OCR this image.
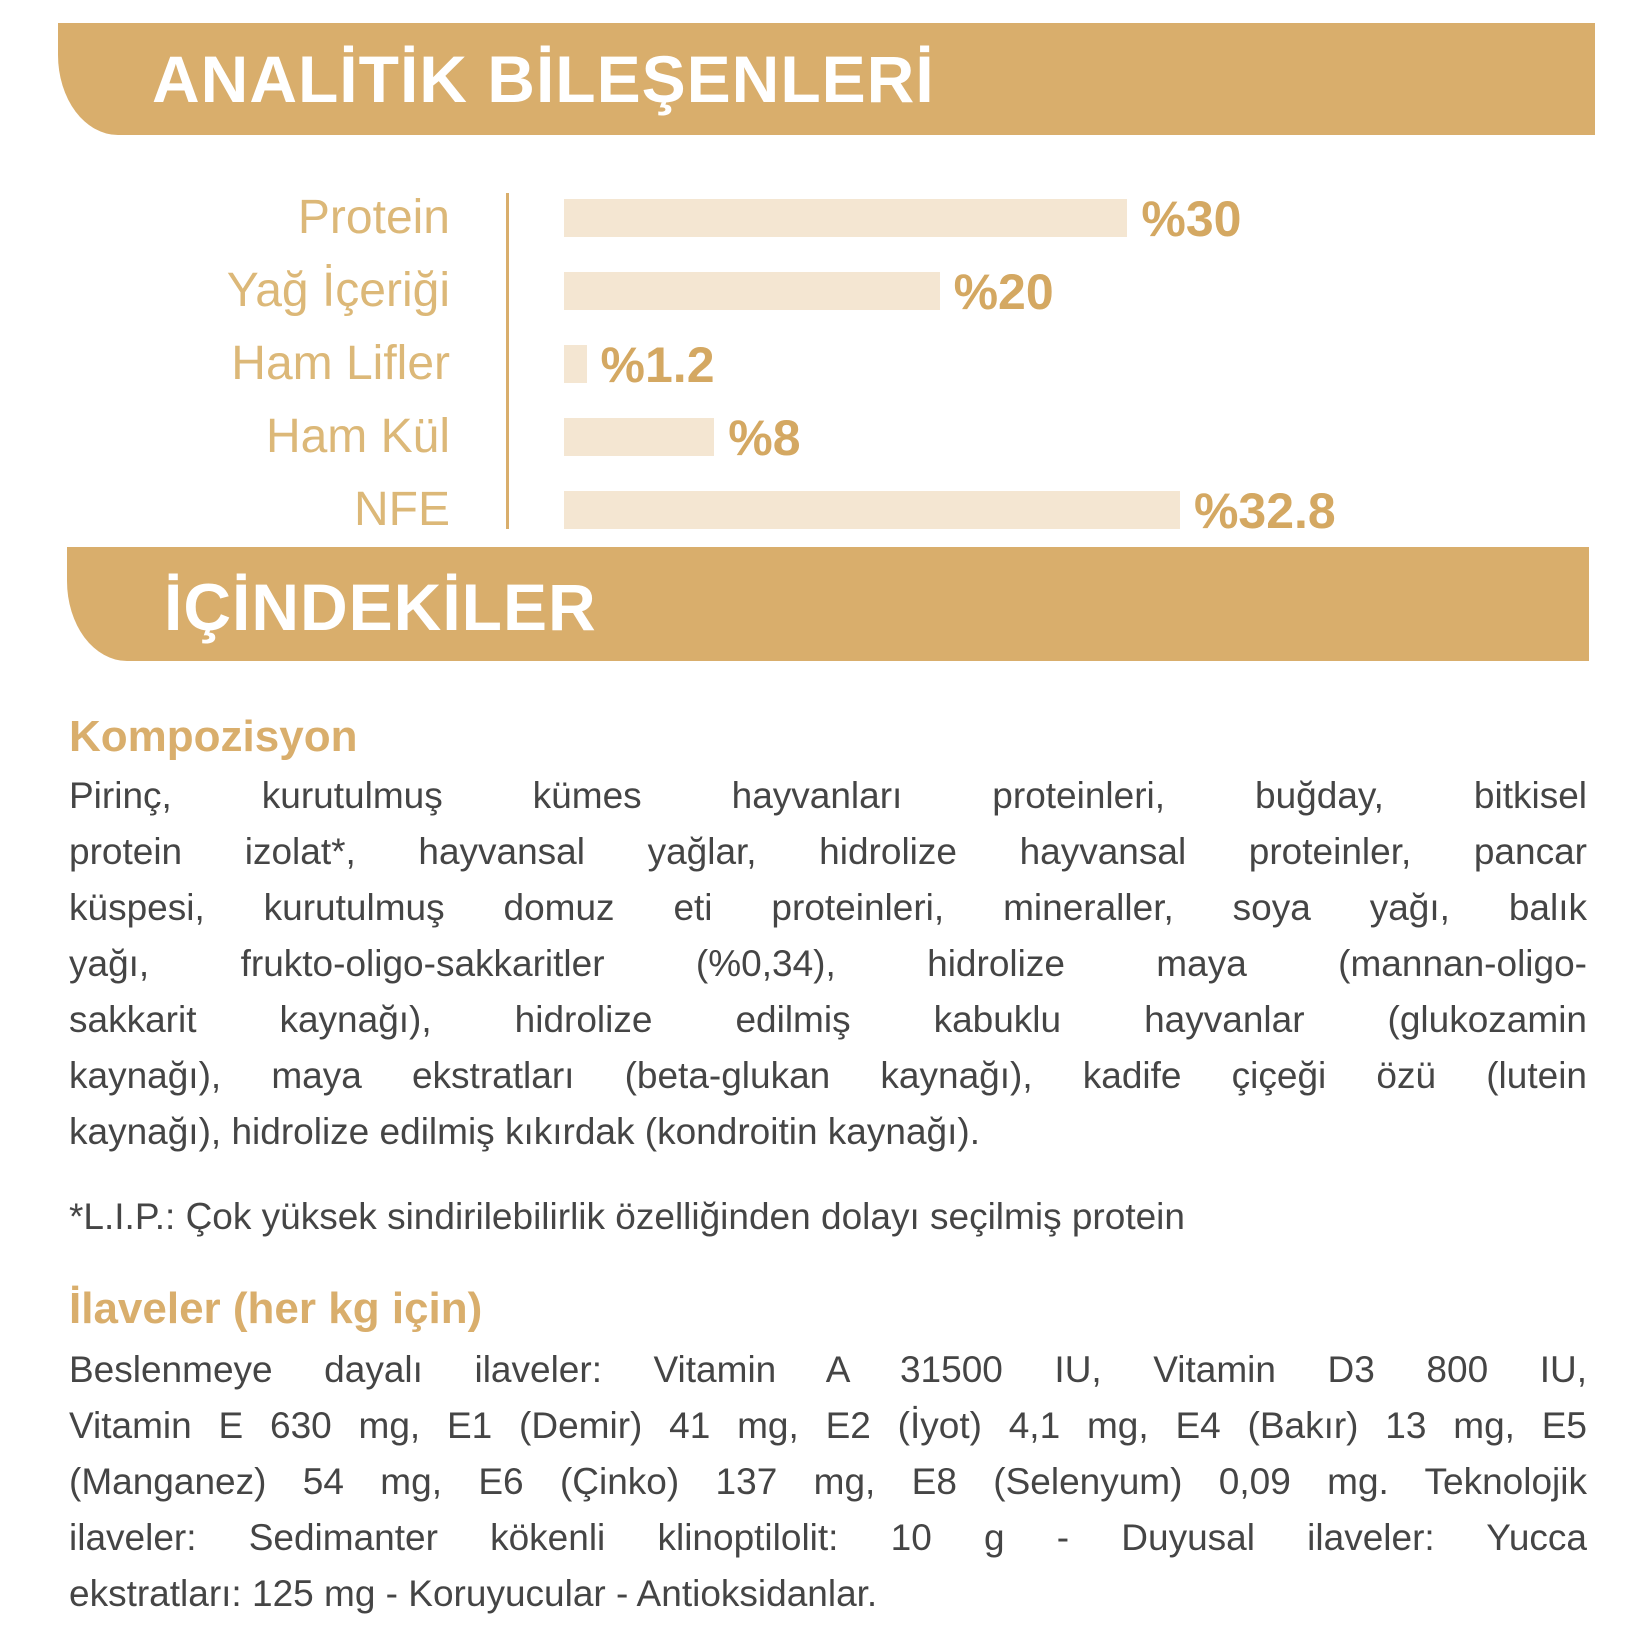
ANALİTİK BİLEŞENLERİ
Protein	%30
Yağ İçeriği	%20
Ham Lifler	%1.2
Ham Kül	%8
NFE	%32.8
İÇİNDEKİLER
Kompozisyon
Pirinç, kurutulmuş kümes hayvanları proteinleri, buğday, bitkisel
protein izolat*, hayvansal yağlar, hidrolize hayvansal proteinler, pancar
küspesi, kurutulmuş domuz eti proteinleri, mineraller, soya yağı, balık
yağı, frukto-oligo-sakkaritler (%0,34), hidrolize maya (mannan-oligo-
sakkarit kaynağı), hidrolize edilmiş kabuklu hayvanlar (glukozamin
kaynağı), maya ekstratları (beta-glukan kaynağı), kadife çiçeği özü (lutein
kaynağı), hidrolize edilmiş kıkırdak (kondroitin kaynağı).
*L.I.P.: Çok yüksek sindirilebilirlik özelliğinden dolayı seçilmiş protein
İlaveler (her kg için)
Beslenmeye dayalı ilaveler: Vitamin A 31500 IU, Vitamin D3 800 IU,
Vitamin E 630 mg, E1 (Demir) 41 mg, E2 (İyot) 4,1 mg, E4 (Bakır) 13 mg, E5
(Manganez) 54 mg, E6 (Çinko) 137 mg, E8 (Selenyum) 0,09 mg. Teknolojik
ilaveler: Sedimanter kökenli klinoptilolit: 10 g - Duyusal ilaveler: Yucca
ekstratları: 125 mg - Koruyucular - Antioksidanlar.
